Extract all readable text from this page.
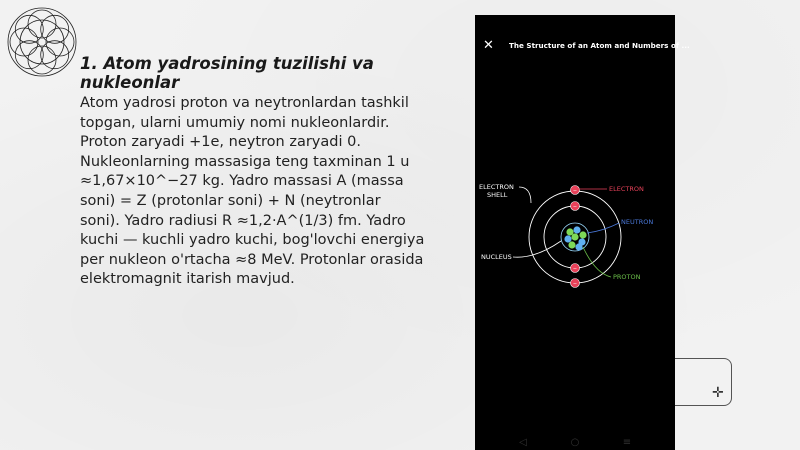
1. Atom yadrosining tuzilishi va nukleonlar

Atom yadrosi proton va neytronlardan tashkil topgan, ularni umumiy nomi nukleonlardir. Proton zaryadi +1e, neytron zaryadi 0. Nukleonlarning massasiga teng taxminan 1 u ≈1,67×10^−27 kg. Yadro massasi A (massa soni) = Z (protonlar soni) + N (neytronlar soni). Yadro radiusi R ≈1,2·A^(1/3) fm. Yadro kuchi — kuchli yadro kuchi, bog'lovchi energiya per nukleon o'rtacha ≈8 MeV. Protonlar orasida elektromagnit itarish mavjud.

✛
✕	The Structure of an Atom and Numbers of ...
−
−
−
−
ELECTRON
SHELL
ELECTRON
NEUTRON
NUCLEUS
PROTON
◁	○	≡
